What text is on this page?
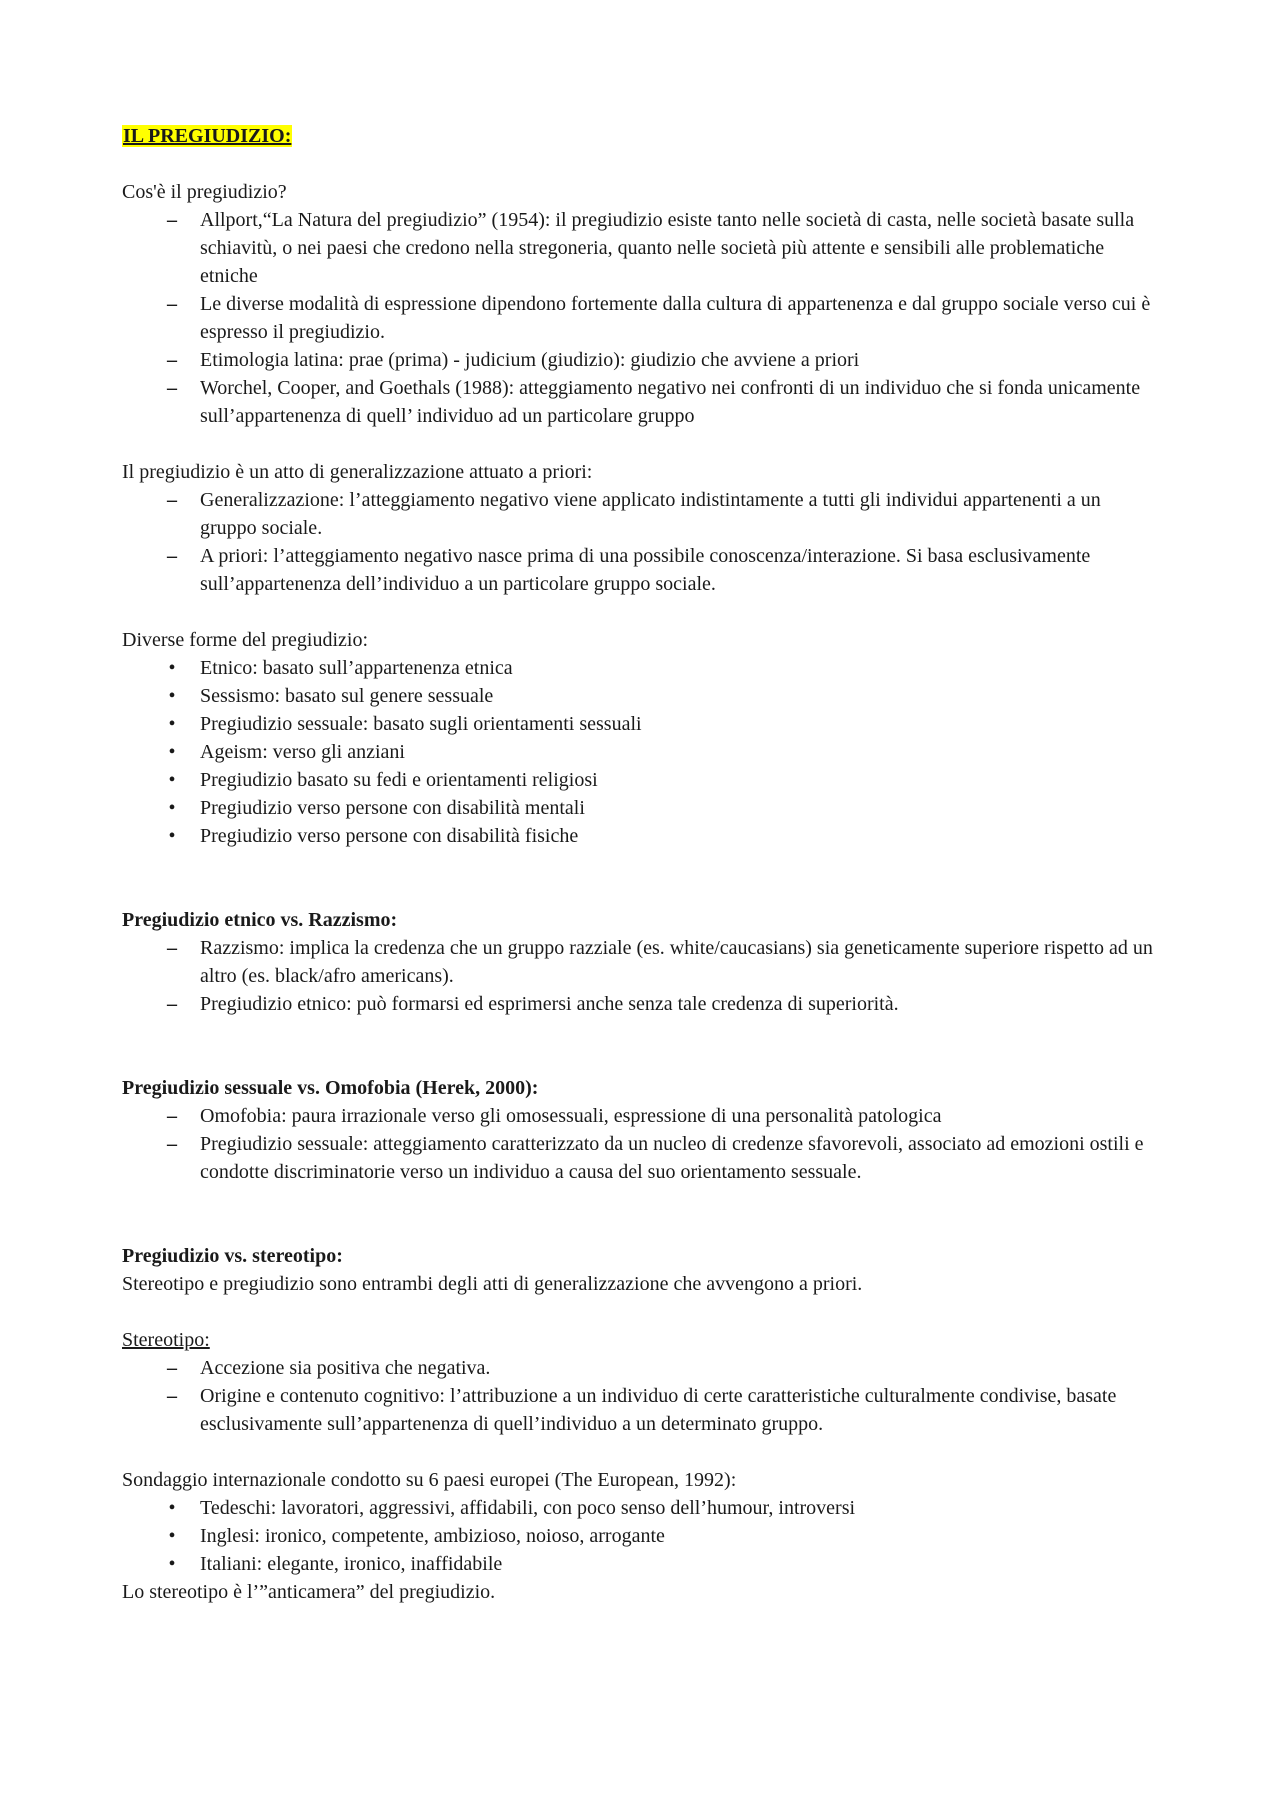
IL PREGIUDIZIO:

Cos'è il pregiudizio?

– Allport,“La Natura del pregiudizio” (1954): il pregiudizio esiste tanto nelle società di casta, nelle società basate sulla schiavitù, o nei paesi che credono nella stregoneria, quanto nelle società più attente e sensibili alle problematiche etniche
– Le diverse modalità di espressione dipendono fortemente dalla cultura di appartenenza e dal gruppo sociale verso cui è espresso il pregiudizio.
– Etimologia latina: prae (prima) - judicium (giudizio): giudizio che avviene a priori
– Worchel, Cooper, and Goethals (1988): atteggiamento negativo nei confronti di un individuo che si fonda unicamente sull’appartenenza di quell’ individuo ad un particolare gruppo

Il pregiudizio è un atto di generalizzazione attuato a priori:

– Generalizzazione: l’atteggiamento negativo viene applicato indistintamente a tutti gli individui appartenenti a un gruppo sociale.
– A priori: l’atteggiamento negativo nasce prima di una possibile conoscenza/interazione. Si basa esclusivamente sull’appartenenza dell’individuo a un particolare gruppo sociale.

Diverse forme del pregiudizio:

•	Etnico: basato sull’appartenenza etnica
•	Sessismo: basato sul genere sessuale
•	Pregiudizio sessuale: basato sugli orientamenti sessuali
•	Ageism: verso gli anziani
•	Pregiudizio basato su fedi e orientamenti religiosi
•	Pregiudizio verso persone con disabilità mentali
•	Pregiudizio verso persone con disabilità fisiche

Pregiudizio etnico vs. Razzismo:

– Razzismo: implica la credenza che un gruppo razziale (es. white/caucasians) sia geneticamente superiore rispetto ad un altro (es. black/afro americans).
– Pregiudizio etnico: può formarsi ed esprimersi anche senza tale credenza di superiorità.

Pregiudizio sessuale vs. Omofobia (Herek, 2000):

– Omofobia: paura irrazionale verso gli omosessuali, espressione di una personalità patologica
– Pregiudizio sessuale: atteggiamento caratterizzato da un nucleo di credenze sfavorevoli, associato ad emozioni ostili e condotte discriminatorie verso un individuo a causa del suo orientamento sessuale.

Pregiudizio vs. stereotipo:

Stereotipo e pregiudizio sono entrambi degli atti di generalizzazione che avvengono a priori.

Stereotipo:

– Accezione sia positiva che negativa.
– Origine e contenuto cognitivo: l’attribuzione a un individuo di certe caratteristiche culturalmente condivise, basate esclusivamente sull’appartenenza di quell’individuo a un determinato gruppo.

Sondaggio internazionale condotto su 6 paesi europei (The European, 1992):

•	Tedeschi: lavoratori, aggressivi, affidabili, con poco senso dell’humour, introversi
•	Inglesi: ironico, competente, ambizioso, noioso, arrogante
•	Italiani: elegante, ironico, inaffidabile

Lo stereotipo è l’”anticamera” del pregiudizio.
